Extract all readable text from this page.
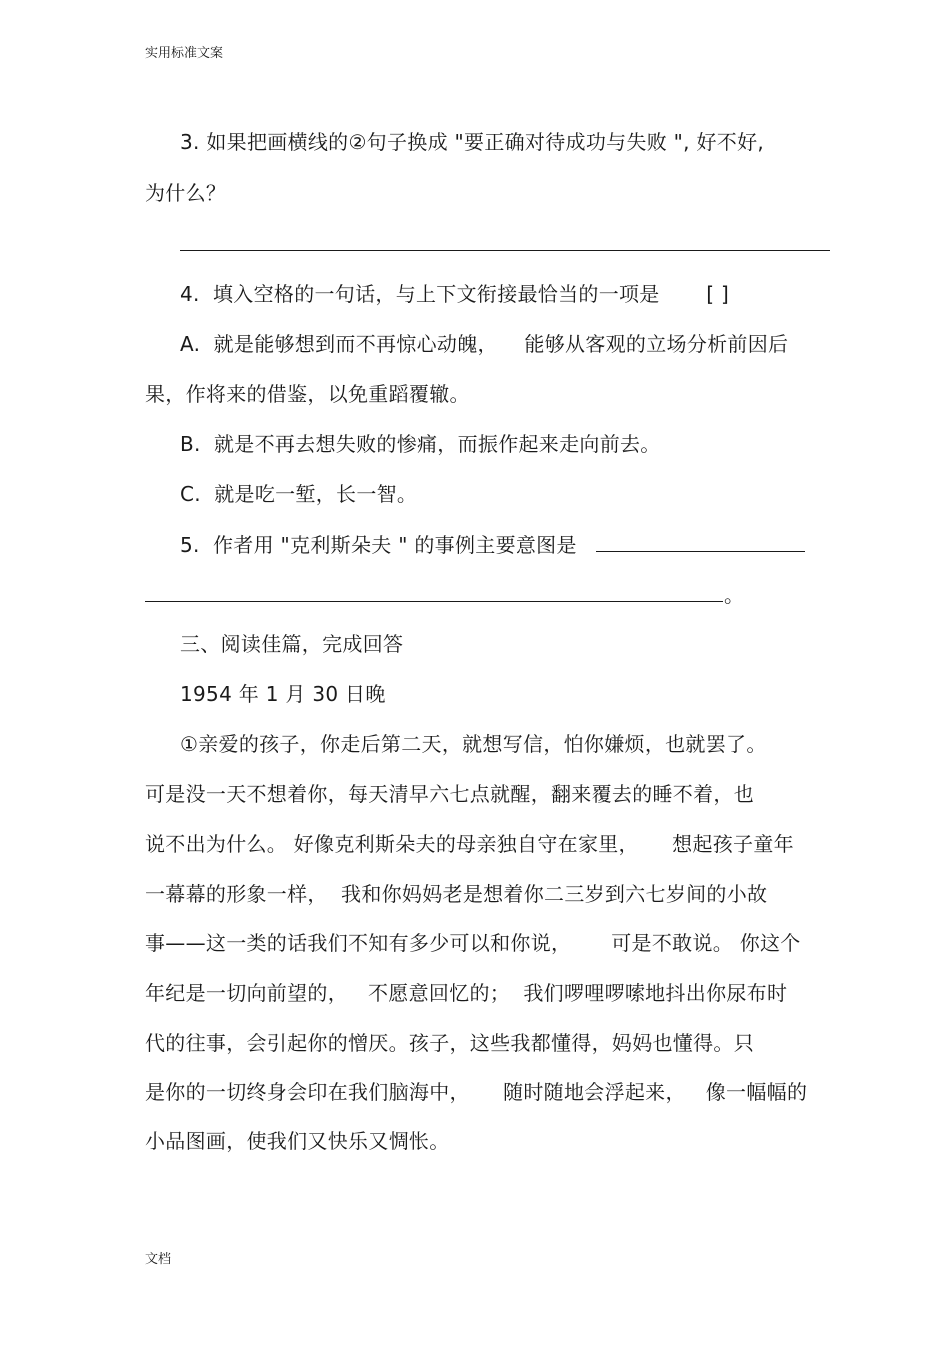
实用标准文案
3. 如果把画横线的②句子换成 "要正确对待成功与失败 ", 好不好,
为什么？
4.  填入空格的一句话，与上下文衔接最恰当的一项是       [ ]
A.  就是能够想到而不再惊心动魄，    能够从客观的立场分析前因后
果，作将来的借鉴，以免重蹈覆辙。
B.  就是不再去想失败的惨痛，而振作起来走向前去。
C.  就是吃一堑，长一智。
5.  作者用 "克利斯朵夫 " 的事例主要意图是
。
三、阅读佳篇，完成回答
1954 年 1 月 30 日晚
①亲爱的孩子，你走后第二天，就想写信，怕你嫌烦，也就罢了。
可是没一天不想着你，每天清早六七点就醒，翻来覆去的睡不着，也
说不出为什么。 好像克利斯朵夫的母亲独自守在家里，     想起孩子童年
一幕幕的形象一样，  我和你妈妈老是想着你二三岁到六七岁间的小故
事——这一类的话我们不知有多少可以和你说，      可是不敢说。 你这个
年纪是一切向前望的，   不愿意回忆的；  我们啰哩啰嗦地抖出你尿布时
代的往事，会引起你的憎厌。孩子，这些我都懂得，妈妈也懂得。只
是你的一切终身会印在我们脑海中，     随时随地会浮起来，   像一幅幅的
小品图画，使我们又快乐又惆怅。
文档
